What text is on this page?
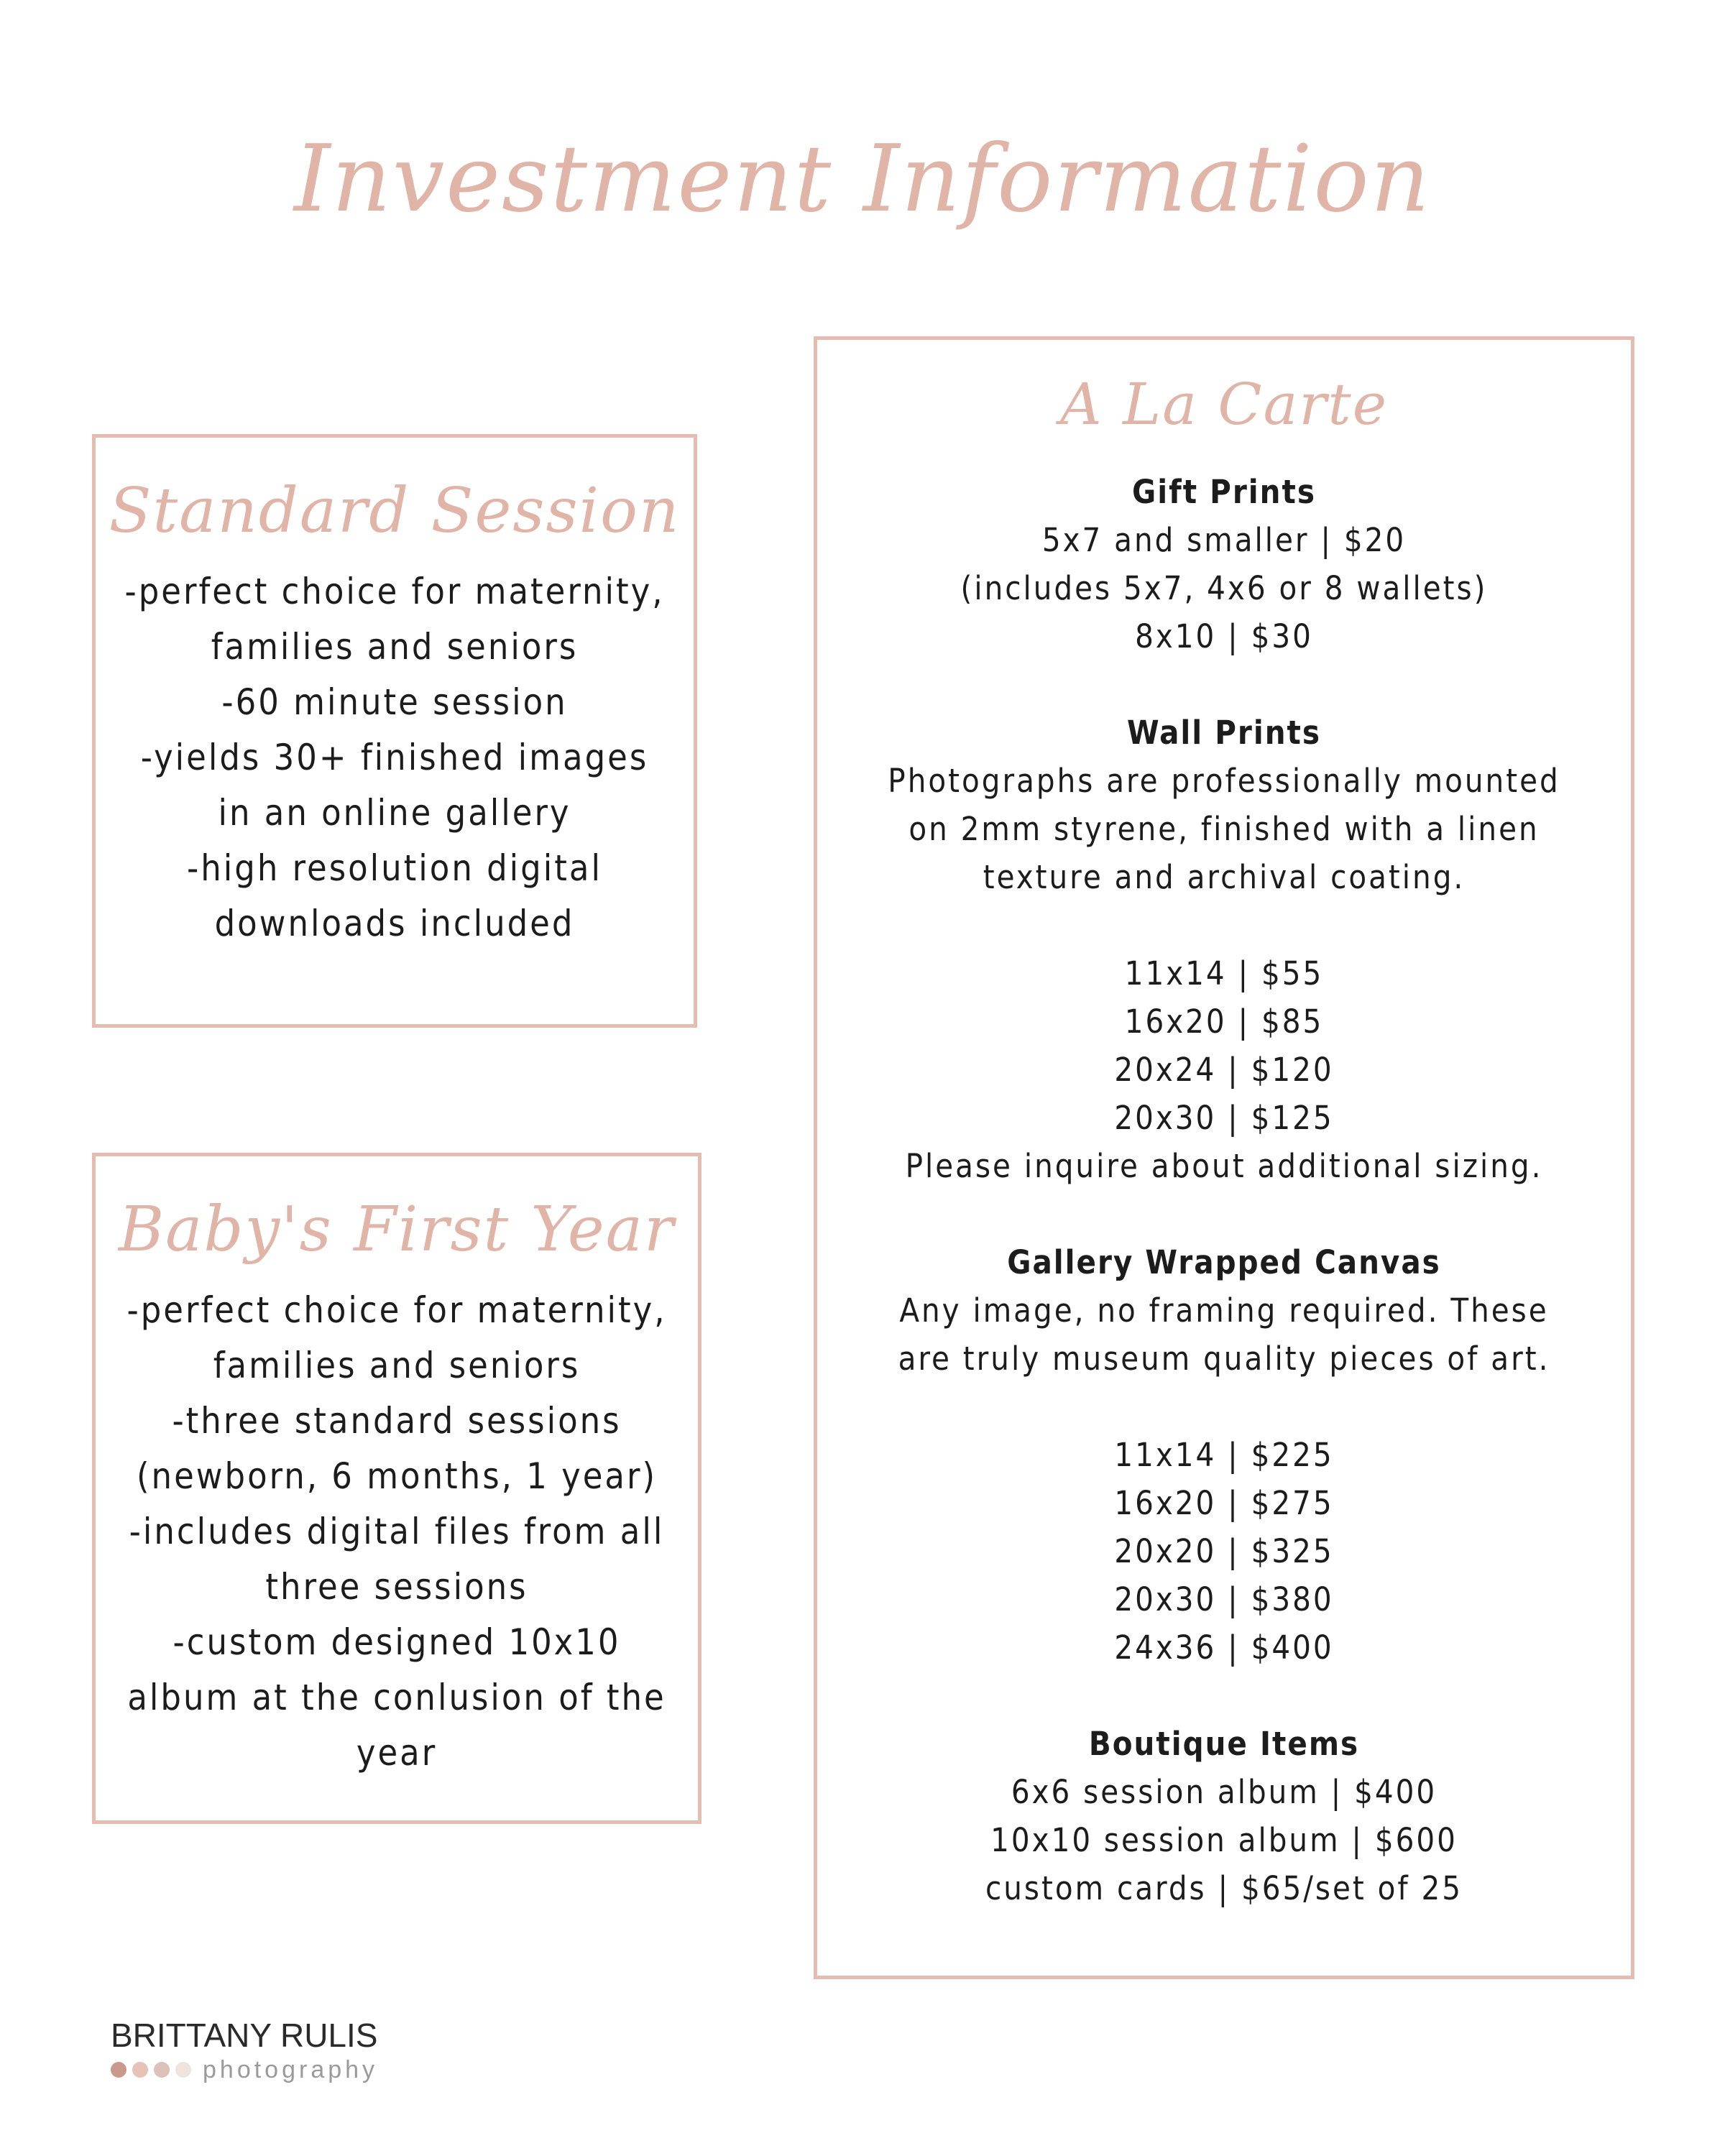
Investment Information
Standard Session
-perfect choice for maternity,
families and seniors
-60 minute session
-yields 30+ finished images
in an online gallery
-high resolution digital
downloads included
Baby's First Year
-perfect choice for maternity,
families and seniors
-three standard sessions
(newborn, 6 months, 1 year)
-includes digital files from all
three sessions
-custom designed 10x10
album at the conlusion of the
year
A La Carte
Gift Prints
5x7 and smaller | $20
(includes 5x7, 4x6 or 8 wallets)
8x10 | $30
Wall Prints
Photographs are professionally mounted
on 2mm styrene, finished with a linen
texture and archival coating.
11x14 | $55
16x20 | $85
20x24 | $120
20x30 | $125
Please inquire about additional sizing.
Gallery Wrapped Canvas
Any image, no framing required. These
are truly museum quality pieces of art.
11x14 | $225
16x20 | $275
20x20 | $325
20x30 | $380
24x36 | $400
Boutique Items
6x6 session album | $400
10x10 session album | $600
custom cards | $65/set of 25
BRITTANY RULIS
photography
